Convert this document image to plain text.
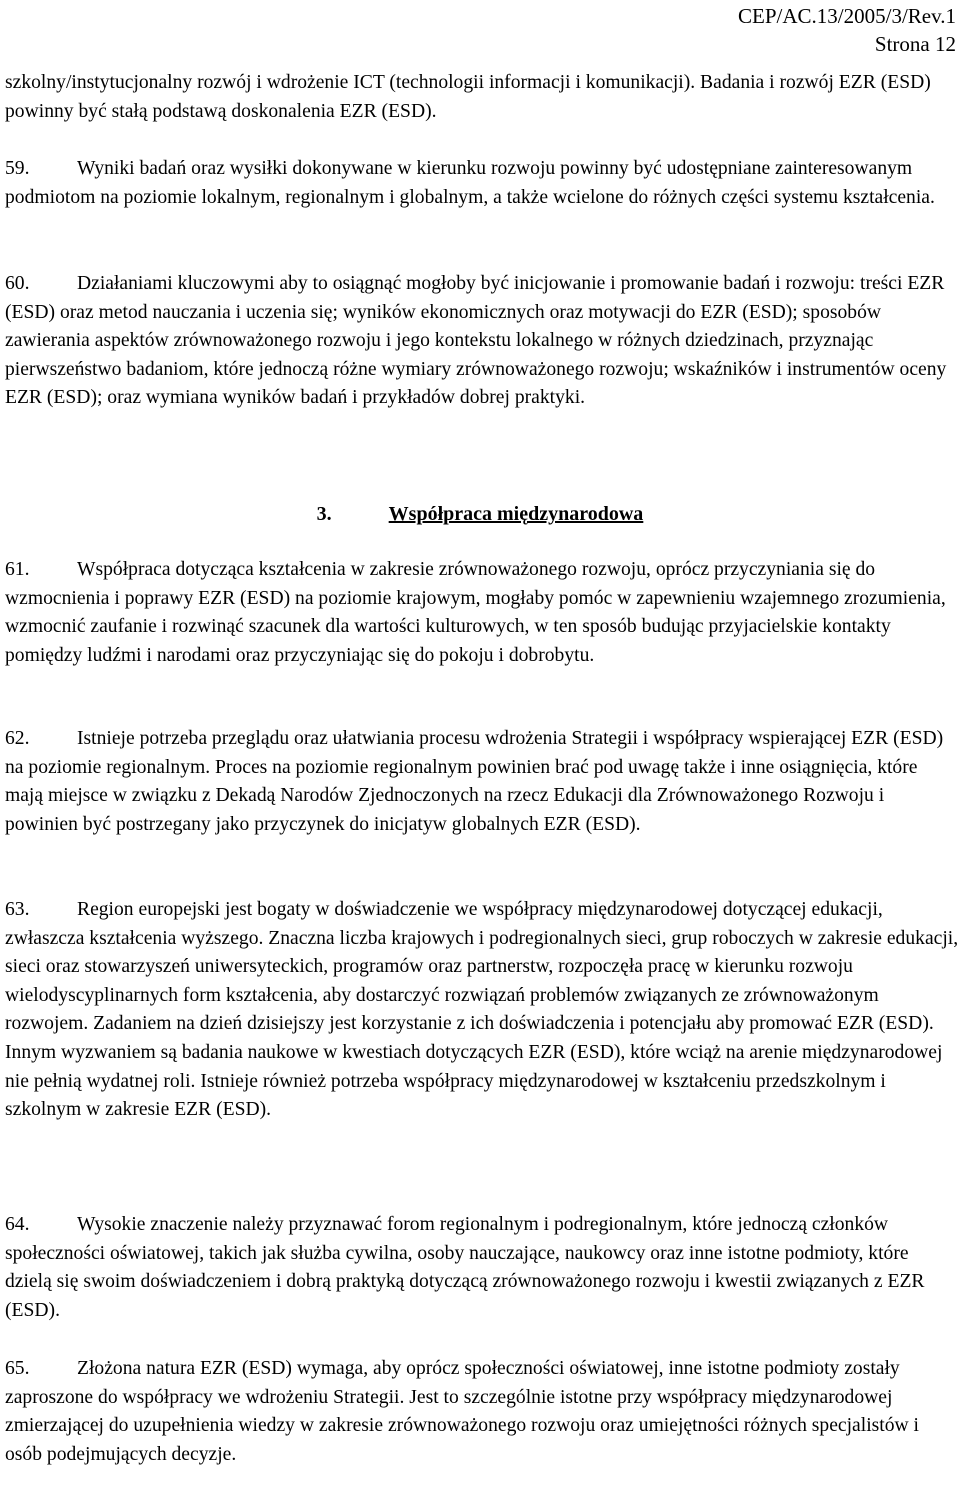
CEP/AC.13/2005/3/Rev.1
Strona 12

szkolny/instytucjonalny rozwój i wdrożenie ICT (technologii informacji i komunikacji). Badania i rozwój EZR (ESD) powinny być stałą podstawą doskonalenia EZR (ESD).

59. Wyniki badań oraz wysiłki dokonywane w kierunku rozwoju powinny być udostępniane zainteresowanym podmiotom na poziomie lokalnym, regionalnym i globalnym, a także wcielone do różnych części systemu kształcenia.

60. Działaniami kluczowymi aby to osiągnąć mogłoby być inicjowanie i promowanie badań i rozwoju: treści EZR (ESD) oraz metod nauczania i uczenia się; wyników ekonomicznych oraz motywacji do EZR (ESD); sposobów zawierania aspektów zrównoważonego rozwoju i jego kontekstu lokalnego w różnych dziedzinach, przyznając pierwszeństwo badaniom, które jednoczą różne wymiary zrównoważonego rozwoju; wskaźników i instrumentów oceny EZR (ESD); oraz wymiana wyników badań i przykładów dobrej praktyki.

3.	Współpraca międzynarodowa

61. Współpraca dotycząca kształcenia w zakresie zrównoważonego rozwoju, oprócz przyczyniania się do wzmocnienia i poprawy EZR (ESD) na poziomie krajowym, mogłaby pomóc w zapewnieniu wzajemnego zrozumienia, wzmocnić zaufanie i rozwinąć szacunek dla wartości kulturowych, w ten sposób budując przyjacielskie kontakty pomiędzy ludźmi i narodami oraz przyczyniając się do pokoju i dobrobytu.

62. Istnieje potrzeba przeglądu oraz ułatwiania procesu wdrożenia Strategii i współpracy wspierającej EZR (ESD) na poziomie regionalnym. Proces na poziomie regionalnym powinien brać pod uwagę także i inne osiągnięcia, które mają miejsce w związku z Dekadą Narodów Zjednoczonych na rzecz Edukacji dla Zrównoważonego Rozwoju i powinien być postrzegany jako przyczynek do inicjatyw globalnych EZR (ESD).

63. Region europejski jest bogaty w doświadczenie we współpracy międzynarodowej dotyczącej edukacji, zwłaszcza kształcenia wyższego. Znaczna liczba krajowych i podregionalnych sieci, grup roboczych w zakresie edukacji, sieci oraz stowarzyszeń uniwersyteckich, programów oraz partnerstw, rozpoczęła pracę w kierunku rozwoju wielodyscyplinarnych form kształcenia, aby dostarczyć rozwiązań problemów związanych ze zrównoważonym rozwojem. Zadaniem na dzień dzisiejszy jest korzystanie z ich doświadczenia i potencjału aby promować EZR (ESD). Innym wyzwaniem są badania naukowe w kwestiach dotyczących EZR (ESD), które wciąż na arenie międzynarodowej nie pełnią wydatnej roli. Istnieje również potrzeba współpracy międzynarodowej w kształceniu przedszkolnym i szkolnym w zakresie EZR (ESD).

64. Wysokie znaczenie należy przyznawać forom regionalnym i podregionalnym, które jednoczą członków społeczności oświatowej, takich jak służba cywilna, osoby nauczające, naukowcy oraz inne istotne podmioty, które dzielą się swoim doświadczeniem i dobrą praktyką dotyczącą zrównoważonego rozwoju i kwestii związanych z EZR (ESD).

65. Złożona natura EZR (ESD) wymaga, aby oprócz społeczności oświatowej, inne istotne podmioty zostały zaproszone do współpracy we wdrożeniu Strategii. Jest to szczególnie istotne przy współpracy międzynarodowej zmierzającej do uzupełnienia wiedzy w zakresie zrównoważonego rozwoju oraz umiejętności różnych specjalistów i osób podejmujących decyzje.
